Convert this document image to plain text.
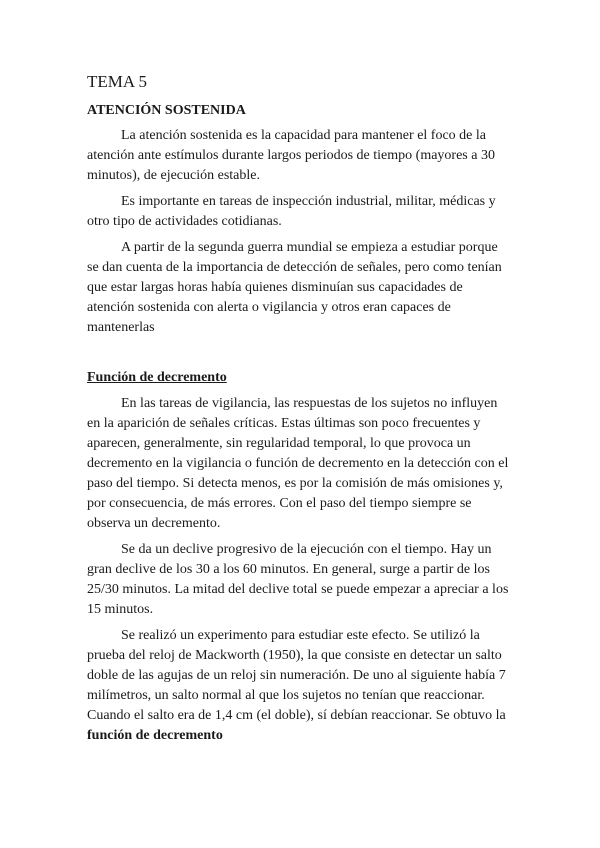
TEMA 5
ATENCIÓN SOSTENIDA

La atención sostenida es la capacidad para mantener el foco de la atención ante estímulos durante largos periodos de tiempo (mayores a 30 minutos), de ejecución estable.

Es importante en tareas de inspección industrial, militar, médicas y otro tipo de actividades cotidianas.

A partir de la segunda guerra mundial se empieza a estudiar porque se dan cuenta de la importancia de detección de señales, pero como tenían que estar largas horas había quienes disminuían sus capacidades de atención sostenida con alerta o vigilancia y otros eran capaces de mantenerlas

Función de decremento

En las tareas de vigilancia, las respuestas de los sujetos no influyen en la aparición de señales críticas. Estas últimas son poco frecuentes y aparecen, generalmente, sin regularidad temporal, lo que provoca un decremento en la vigilancia o función de decremento en la detección con el paso del tiempo. Si detecta menos, es por la comisión de más omisiones y, por consecuencia, de más errores. Con el paso del tiempo siempre se observa un decremento.

Se da un declive progresivo de la ejecución con el tiempo. Hay un gran declive de los 30 a los 60 minutos. En general, surge a partir de los 25/30 minutos. La mitad del declive total se puede empezar a apreciar a los 15 minutos.

Se realizó un experimento para estudiar este efecto. Se utilizó la prueba del reloj de Mackworth (1950), la que consiste en detectar un salto doble de las agujas de un reloj sin numeración. De uno al siguiente había 7 milímetros, un salto normal al que los sujetos no tenían que reaccionar. Cuando el salto era de 1,4 cm (el doble), sí debían reaccionar. Se obtuvo la función de decremento
